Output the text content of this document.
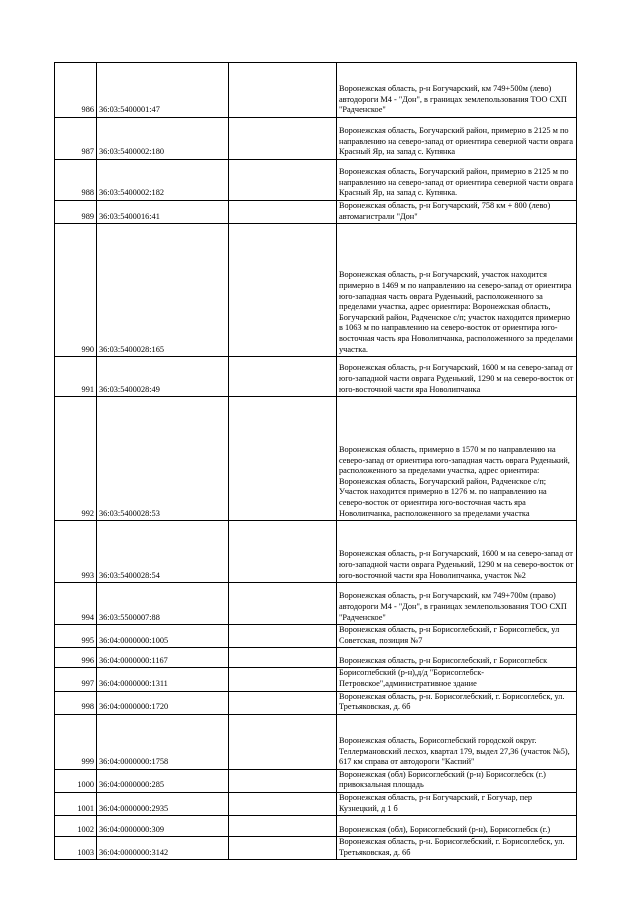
986	36:03:5400001:47		Воронежская область, р-н Богучарский, км 749+500м (лево) автодороги М4 - "Дон", в границах землепользования ТОО СХП "Радченское"
987	36:03:5400002:180		Воронежская область, Богучарский район, примерно в 2125 м по направлению на северо-запад от ориентира северной части оврага Красный Яр, на запад с. Купянка
988	36:03:5400002:182		Воронежская область, Богучарский район, примерно в 2125 м по направлению на северо-запад от ориентира северной части оврага Красный Яр, на запад с. Купянка.
989	36:03:5400016:41		Воронежская область, р-н Богучарский, 758 км + 800 (лево) автомагистрали "Дон"
990	36:03:5400028:165		Воронежская область, р-н Богучарский, участок находится примерно в 1469 м по направлению на северо-запад от ориентира юго-западная часть оврага Руденький, расположенного за пределами участка, адрес ориентира: Воронежская область, Богучарский район, Радченское с/п; участок находится примерно в 1063 м по направлению на северо-восток от ориентира юго-восточная часть яра Новолипчанка, расположенного за пределами участка.
991	36:03:5400028:49		Воронежская область, р-н Богучарский, 1600 м на северо-запад от юго-западной части оврага Руденький, 1290 м на северо-восток от юго-восточной части яра Новолипчанка
992	36:03:5400028:53		Воронежская область, примерно в 1570 м по направлению на северо-запад от ориентира юго-западная часть оврага Руденький, расположенного за пределами участка, адрес ориентира: Воронежская область, Богучарский район, Радченское с/п; Участок находится примерно в 1276 м. по направлению на северо-восток от ориентира юго-восточная часть яра Новолипчанка, расположенного за пределами участка
993	36:03:5400028:54		Воронежская область, р-н Богучарский, 1600 м на северо-запад от юго-западной части оврага Руденький, 1290 м на северо-восток от юго-восточной части яра Новолипчанка, участок №2
994	36:03:5500007:88		Воронежская область, р-н Богучарский, км 749+700м (право) автодороги М4 - "Дон", в границах землепользования ТОО СХП "Радченское"
995	36:04:0000000:1005		Воронежская область, р-н Борисоглебский, г Борисоглебск, ул Советская, позиция №7
996	36:04:0000000:1167		Воронежская область, р-н Борисоглебский, г Борисоглебск
997	36:04:0000000:1311		Борисоглебский (р-н),д/д "Борисоглебск-Петровское",административное здание
998	36:04:0000000:1720		Воронежская область, р-н. Борисоглебский, г. Борисоглебск, ул. Третьяковская, д. 6б
999	36:04:0000000:1758		Воронежская область, Борисоглебский городской округ. Теллермановский лесхоз, квартал 179, выдел 27,36 (участок №5), 617 км справа от автодороги "Каспий"
1000	36:04:0000000:285		Воронежская (обл) Борисоглебский (р-н) Борисоглебск (г.) привокзальная площадь
1001	36:04:0000000:2935		Воронежская область, р-н Богучарский, г Богучар, пер Кузнецкий, д 1 б
1002	36:04:0000000:309		Воронежская (обл), Борисоглебский (р-н), Борисоглебск (г.)
1003	36:04:0000000:3142		Воронежская область, р-н. Борисоглебский, г. Борисоглебск, ул. Третьяковская, д. 6б
